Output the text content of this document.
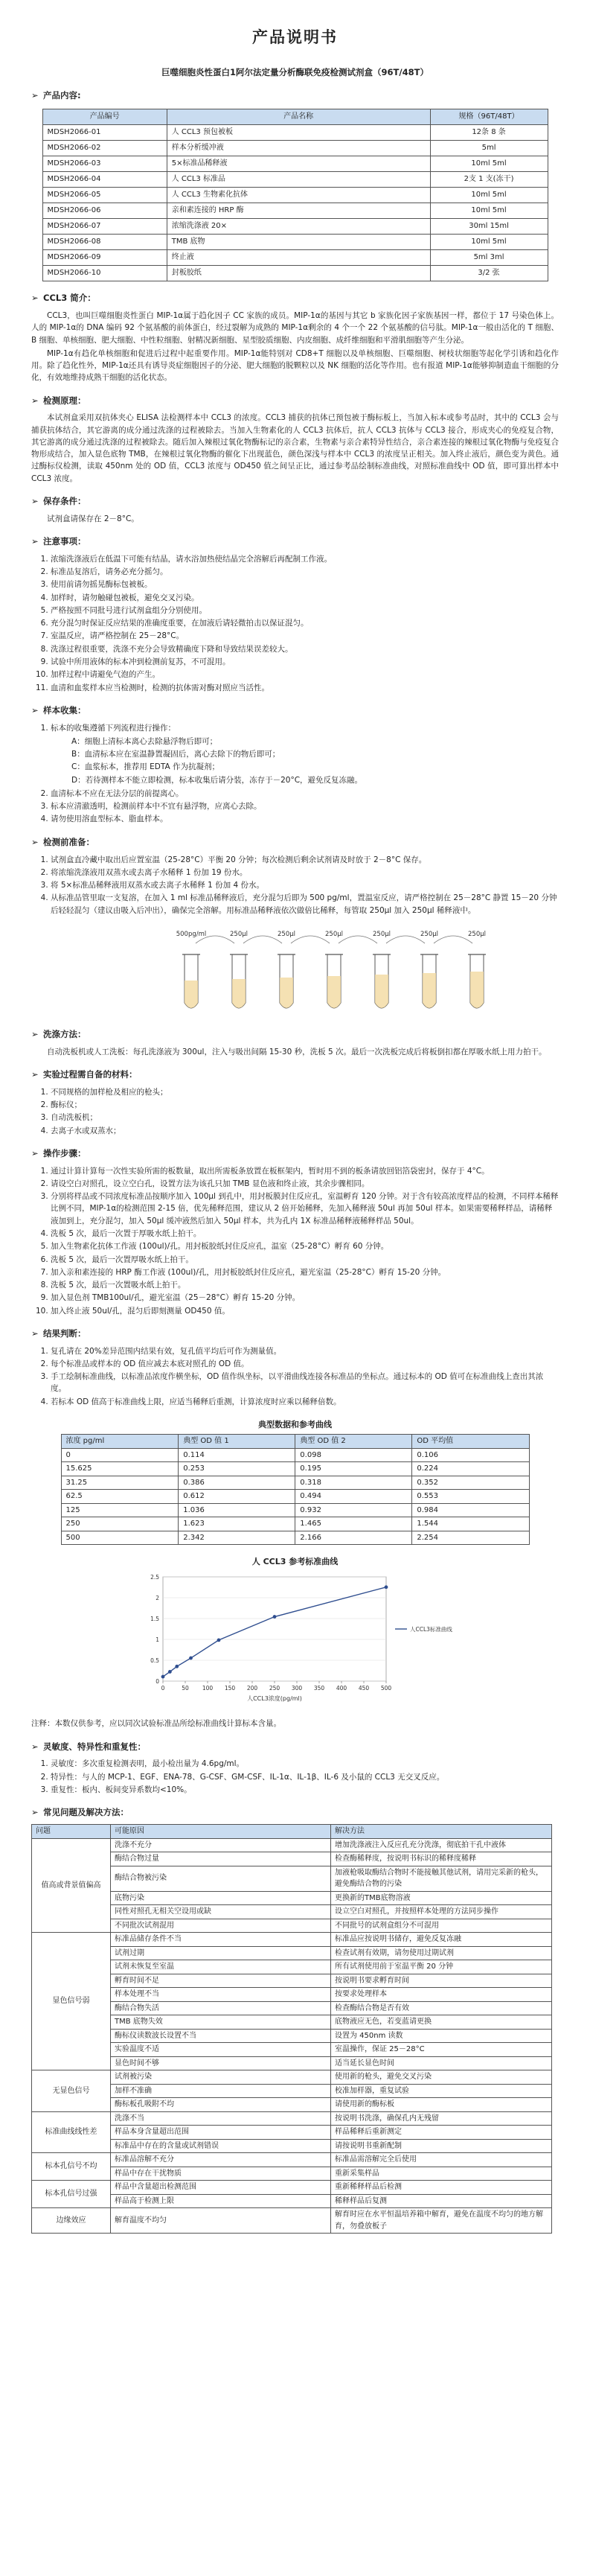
产品说明书
巨噬细胞炎性蛋白1阿尔法定量分析酶联免疫检测试剂盒（96T/48T）
➢ 产品内容:
产品编号	产品名称	规格（96T/48T）
MDSH2066-01	人 CCL3 预包被板	12条 8 条
MDSH2066-02	样本分析缓冲液	5ml
MDSH2066-03	5×标准品稀释液	10ml 5ml
MDSH2066-04	人 CCL3 标准品	2支 1 支(冻干)
MDSH2066-05	人 CCL3 生物素化抗体	10ml 5ml
MDSH2066-06	亲和素连接的 HRP 酶	10ml 5ml
MDSH2066-07	浓缩洗涤液 20×	30ml 15ml
MDSH2066-08	TMB 底物	10ml 5ml
MDSH2066-09	终止液	5ml 3ml
MDSH2066-10	封板胶纸	3/2 张
➢ CCL3 简介：
CCL3，也叫巨噬细胞炎性蛋白 MIP-1α属于趋化因子 CC 家族的成员。MIP-1α的基因与其它 b 家族化因子家族基因一样，都位于 17 号染色体上。人的 MIP-1α的 DNA 编码 92 个氨基酸的前体蛋白，经过裂解为成熟的 MIP-1α剩余的 4 个一个 22 个氨基酸的信号肽。MIP-1α一般由活化的 T 细胞、B 细胞、单核细胞、肥大细胞、中性粒细胞、射精况新细胞、星型胶质细胞、内皮细胞、成纤维细胞和平滑肌细胞等产生分泌。
MIP-1α有趋化单核细胞和促进后过程中起重要作用。MIP-1α能特别对 CD8+T 细胞以及单核细胞、巨噬细胞、树枝状细胞等起化学引诱和趋化作用。除了趋化性外，MIP-1α还具有诱导炎症细胞因子的分泌、肥大细胞的脱颗粒以及 NK 细胞的活化等作用。也有报道 MIP-1α能够抑制造血干细胞的分化，有效地维持成熟干细胞的活化状态。
➢ 检测原理：
本试剂盒采用双抗体夹心 ELISA 法检测样本中 CCL3 的浓度。CCL3 捕获的抗体已预包被于酶标板上，当加入标本或参考品时，其中的 CCL3 会与捕获抗体结合，其它游离的成分通过洗涤的过程被除去。当加入生物素化的人 CCL3 抗体后，抗人 CCL3 抗体与 CCL3 接合，形成夹心的免疫复合物，其它游离的成分通过洗涤的过程被除去。随后加入辣根过氧化物酶标记的亲合素，生物素与亲合素特异性结合，亲合素连接的辣根过氧化物酶与免疫复合物形成结合，加入显色底物 TMB，在辣根过氧化物酶的催化下出现蓝色，颜色深浅与样本中 CCL3 的浓度呈正相关。加入终止液后，颜色变为黄色。通过酶标仪检测，读取 450nm 处的 OD 值，CCL3 浓度与 OD450 值之间呈正比，通过参考品绘制标准曲线，对照标准曲线中 OD 值，即可算出样本中 CCL3 浓度。
➢ 保存条件：
试剂盒请保存在 2－8°C。
➢ 注意事项：
1. 浓缩洗涤液后在低温下可能有结晶，请水浴加热使结晶完全溶解后再配制工作液。
2. 标准品复溶后，请务必充分摇匀。
3. 使用前请勿摇晃酶标包被板。
4. 加样时，请勿触碰包被板，避免交叉污染。
5. 严格按照不同批号进行试剂盒组分分别使用。
6. 充分混匀时保证反应结果的准确度重要，在加液后请轻微拍击以保证混匀。
7. 室温反应，请严格控制在 25－28°C。
8. 洗涤过程很重要，洗涤不充分会导致精确度下降和导致结果误差较大。
9. 试验中所用液体的标本冲到检测前复苏，不可混用。
10. 加样过程中请避免气泡的产生。
11. 血清和血浆样本应当检测时，检测的抗体需对酶对照应当活性。
➢ 样本收集：
1. 标本的收集遵循下列流程进行操作：
A：细胞上清标本离心去除悬浮物后即可；
B：血清标本应在室温静置凝固后，离心去除下的物后即可；
C：血浆标本，推荐用 EDTA 作为抗凝剂；
D：若待测样本不能立即检测，标本收集后请分装，冻存于－20°C，避免反复冻融。
2. 血清标本不应在无法分层的前提离心。
3. 标本应清澈透明，检测前样本中不宜有悬浮物，应离心去除。
4. 请勿使用溶血型标本、脂血样本。
➢ 检测前准备：
1. 试剂盒直冷藏中取出后应置室温（25-28°C）平衡 20 分钟；每次检测后剩余试剂请及时放于 2－8°C 保存。
2. 将浓缩洗涤液用双蒸水或去离子水稀释 1 份加 19 份水。
3. 将 5×标准品稀释液用双蒸水或去离子水稀释 1 份加 4 份水。
4. 从标准品管里取一支复溶，在加入 1 ml 标准品稀释液后，充分混匀后即为 500 pg/ml，置温室反应，请严格控制在 25－28°C 静置 15－20 分钟后轻轻混匀（建议由吸入后冲出），确保完全溶解。用标准品稀释液依次做倍比稀释，每管取 250μl 加入 250μl 稀释液中。
500pg/ml	250μl	250μl	250μl	250μl	250μl	250μl
➢ 洗涤方法：
自动洗板机或人工洗板：每孔洗涤液为 300ul，注入与吸出间隔 15-30 秒，洗板 5 次。最后一次洗板完成后将板倒扣都在厚吸水纸上用力拍干。
➢ 实验过程需自备的材料：
1. 不同规格的加样枪及相应的枪头；
2. 酶标仪；
3. 自动洗板机；
4. 去离子水或双蒸水；
➢ 操作步骤：
1. 通过计算计算每一次性实验所需的板数量，取出所需板条放置在板框架内，暂时用不到的板条请放回铝箔袋密封，保存于 4°C。
2. 请设空白对照孔，设立空白孔，设置方法为该孔只加 TMB 显色液和终止液，其余步骤相同。
3. 分别将样品或不同浓度标准品按顺序加入 100μl 到孔中，用封板膜封住反应孔，室温孵育 120 分钟。对于含有较高浓度样品的检测，不同样本稀释比例不同，MIP-1α的检测范围 2-15 倍，优先稀释范围，建议从 2 倍开始稀释，先加入稀释液 50ul 再加 50ul 样本。如果需要稀释样品，请稀释液加到上，充分混匀，加入 50μl 缓冲液然后加入 50μl 样本，共为孔内 1X 标准品稀释液稀释样品 50ul。
4. 洗板 5 次，最后一次置于厚吸水纸上拍干。
5. 加入生物素化抗体工作液 (100ul)/孔。用封板胶纸封住反应孔，温室（25-28°C）孵育 60 分钟。
6. 洗板 5 次，最后一次置厚吸水纸上拍干。
7. 加入亲和素连接的 HRP 酶工作液 (100ul)/孔，用封板胶纸封住反应孔，避光室温（25-28°C）孵育 15-20 分钟。
8. 洗板 5 次，最后一次置吸水纸上拍干。
9. 加入显色剂 TMB100ul/孔，避光室温（25－28°C）孵育 15-20 分钟。
10. 加入终止液 50ul/孔，混匀后即刻测量 OD450 值。
➢ 结果判断：
1. 复孔请在 20%差异范围内结果有效，复孔值平均后可作为测量值。
2. 每个标准品或样本的 OD 值应减去本底对照孔的 OD 值。
3. 手工绘制标准曲线，以标准品浓度作横坐标，OD 值作纵坐标，以平滑曲线连接各标准品的坐标点。通过标本的 OD 值可在标准曲线上查出其浓度。
4. 若标本 OD 值高于标准曲线上限，应适当稀释后重测，计算浓度时应乘以稀释倍数。
典型数据和参考曲线
浓度 pg/ml	典型 OD 值 1	典型 OD 值 2	OD 平均值
0	0.114	0.098	0.106
15.625	0.253	0.195	0.224
31.25	0.386	0.318	0.352
62.5	0.612	0.494	0.553
125	1.036	0.932	0.984
250	1.623	1.465	1.544
500	2.342	2.166	2.254
人 CCL3 参考标准曲线
0
0.5
1
1.5
2
2.5
0	50 100 150 200 250 300 350 400 450 500
人CCL3浓度(pg/ml)
人CCL3标准曲线
注释：本数仅供参考，应以同次试验标准品所绘标准曲线计算标本含量。
➢ 灵敏度、特异性和重复性：
1. 灵敏度：多次重复检测表明，最小检出量为 4.6pg/ml。
2. 特异性：与人的 MCP-1、EGF、ENA-78、G-CSF、GM-CSF、IL-1α、IL-1β、IL-6 及小鼠的 CCL3 无交叉反应。
3. 重复性：板内、板间变异系数均<10%。
➢ 常见问题及解决方法：
问题	可能原因	解决方法
值高或背景值偏高	洗涤不充分	增加洗涤液注入反应孔充分洗涤，彻底拍干孔中液体
	酶结合物过量	检查酶稀释度，按说明书标识的稀释度稀释
	酶结合物被污染	加液枪吸取酶结合物时不能接触其他试剂，请用完采新的枪头，避免酶结合物的污染
	底物污染	更换新的TMB底物溶液
	同性对照孔无相关空设用或缺	设立空白对照孔，并按照样本处理的方法同步操作
	不同批次试剂混用	不同批号的试剂盒组分不可混用
显色信号弱	标准品储存条件不当	标准品应按说明书储存，避免反复冻融
	试剂过期	检查试剂有效期，请勿使用过期试剂
	试剂未恢复至室温	所有试剂使用前于室温平衡 20 分钟
	孵育时间不足	按说明书要求孵育时间
	样本处理不当	按要求处理样本
	酶结合物失活	检查酶结合物是否有效
	TMB 底物失效	底物液应无色，若变蓝请更换
	酶标仪读数波长设置不当	设置为 450nm 读数
	实验温度不适	室温操作，保证 25－28°C
	显色时间不够	适当延长显色时间
无显色信号	试剂被污染	使用新的枪头，避免交叉污染
	加样不准确	校准加样器，重复试验
	酶标板孔吸附不均	请使用新的酶标板
标准曲线线性差	洗涤不当	按说明书洗涤，确保孔内无残留
	样品本身含量超出范围	样品稀释后重新测定
	标准品中存在的含量或试剂错误	请按说明书重新配制
标本孔信号不均	标准品溶解不充分	标准品需溶解完全后使用
	样品中存在干扰物质	重新采集样品
标本孔信号过强	样品中含量超出检测范围	重新稀释样品后检测
	样品高于检测上限	稀释样品后复测
边缘效应	解育温度不均匀	解育时应在水平恒温培养箱中解育，避免在温度不均匀的地方解育，勿叠放板子
